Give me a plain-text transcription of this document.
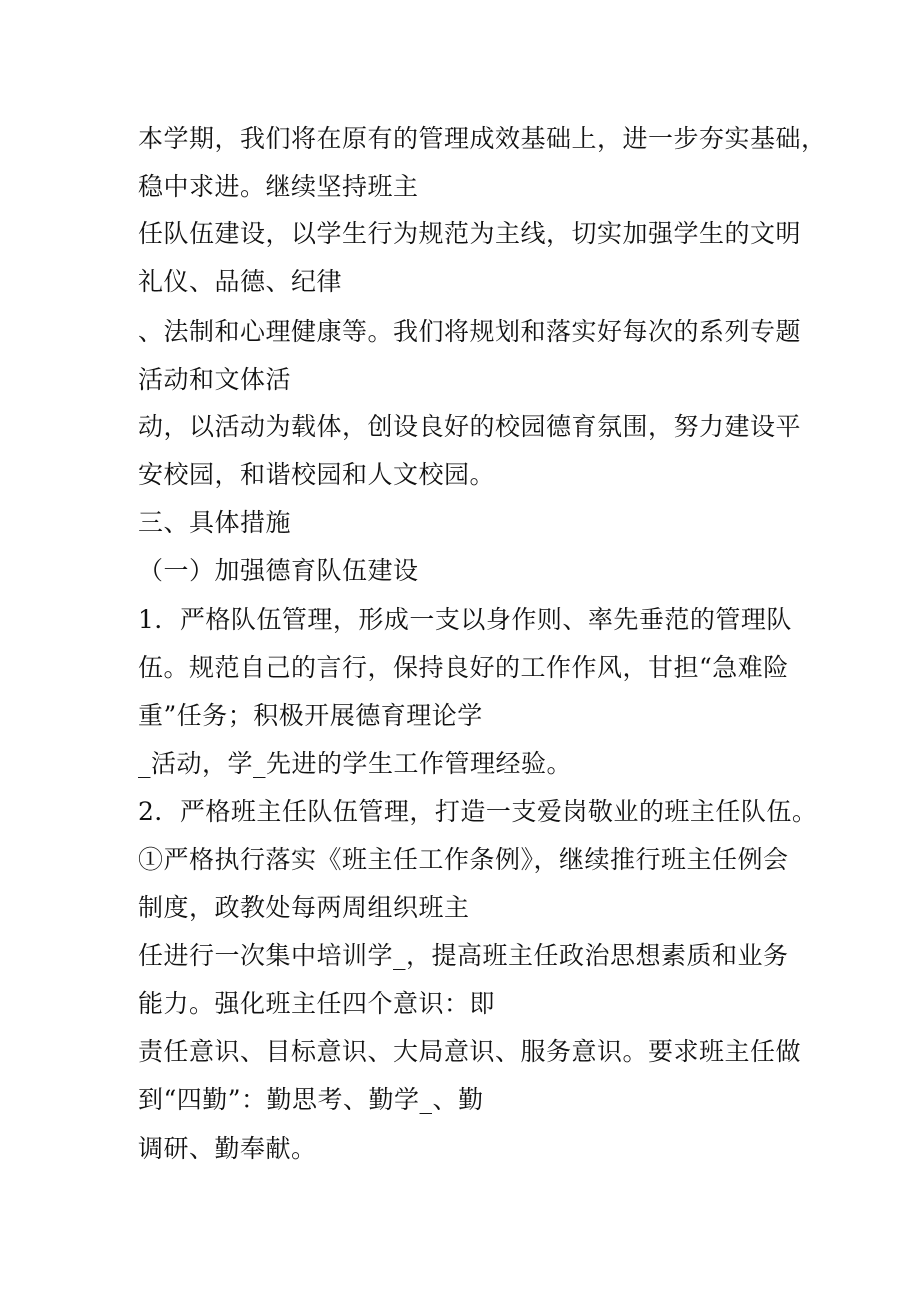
本学期，我们将在原有的管理成效基础上，进一步夯实基础，
稳中求进。继续坚持班主
任队伍建设，以学生行为规范为主线，切实加强学生的文明
礼仪、品德、纪律
、法制和心理健康等。我们将规划和落实好每次的系列专题
活动和文体活
动，以活动为载体，创设良好的校园德育氛围，努力建设平
安校园，和谐校园和人文校园。
三、具体措施
（一）加强德育队伍建设
1．严格队伍管理，形成一支以身作则、率先垂范的管理队
伍。规范自己的言行，保持良好的工作作风，甘担“急难险
重”任务；积极开展德育理论学
_活动，学_先进的学生工作管理经验。
2．严格班主任队伍管理，打造一支爱岗敬业的班主任队伍。
①严格执行落实《班主任工作条例》，继续推行班主任例会
制度，政教处每两周组织班主
任进行一次集中培训学_，提高班主任政治思想素质和业务
能力。强化班主任四个意识：即
责任意识、目标意识、大局意识、服务意识。要求班主任做
到“四勤”：勤思考、勤学_、勤
调研、勤奉献。
